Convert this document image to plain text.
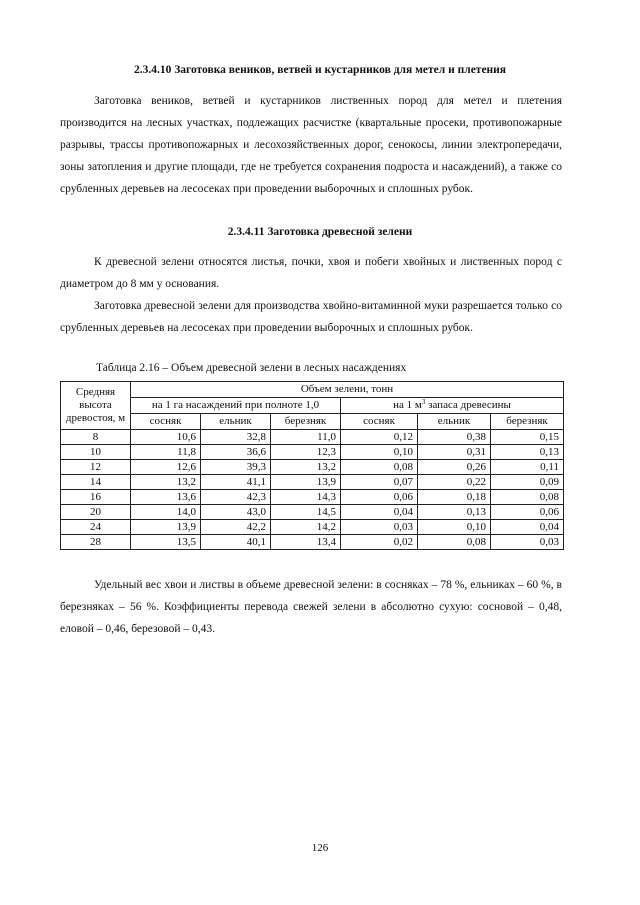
2.3.4.10 Заготовка веников, ветвей и кустарников для метел и плетения

Заготовка веников, ветвей и кустарников лиственных пород для метел и плетения производится на лесных участках, подлежащих расчистке (квартальные просеки, противопожарные разрывы, трассы противопожарных и лесохозяйственных дорог, сенокосы, линии электропередачи, зоны затопления и другие площади, где не требуется сохранения подроста и насаждений), а также со срубленных деревьев на лесосеках при проведении выборочных и сплошных рубок.

2.3.4.11 Заготовка древесной зелени

К древесной зелени относятся листья, почки, хвоя и побеги хвойных и лиственных пород с диаметром до 8 мм у основания.

Заготовка древесной зелени для производства хвойно-витаминной муки разрешается только со срубленных деревьев на лесосеках при проведении выборочных и сплошных рубок.

Таблица 2.16 – Объем древесной зелени в лесных насаждениях

Средняя высота древостоя, м	Объем зелени, тонн					
	на 1 га насаждений при полноте 1,0			на 1 $м^3$ запаса древесины		
	сосняк	ельник	березняк	сосняк	ельник	березняк
8	10,6	32,8	11,0	0,12	0,38	0,15
10	11,8	36,6	12,3	0,10	0,31	0,13
12	12,6	39,3	13,2	0,08	0,26	0,11
14	13,2	41,1	13,9	0,07	0,22	0,09
16	13,6	42,3	14,3	0,06	0,18	0,08
20	14,0	43,0	14,5	0,04	0,13	0,06
24	13,9	42,2	14,2	0,03	0,10	0,04
28	13,5	40,1	13,4	0,02	0,08	0,03

Удельный вес хвои и листвы в объеме древесной зелени: в сосняках – 78 %, ельниках – 60 %, в березняках – 56 %. Коэффициенты перевода свежей зелени в абсолютно сухую: сосновой – 0,48, еловой – 0,46, березовой – 0,43.

126
